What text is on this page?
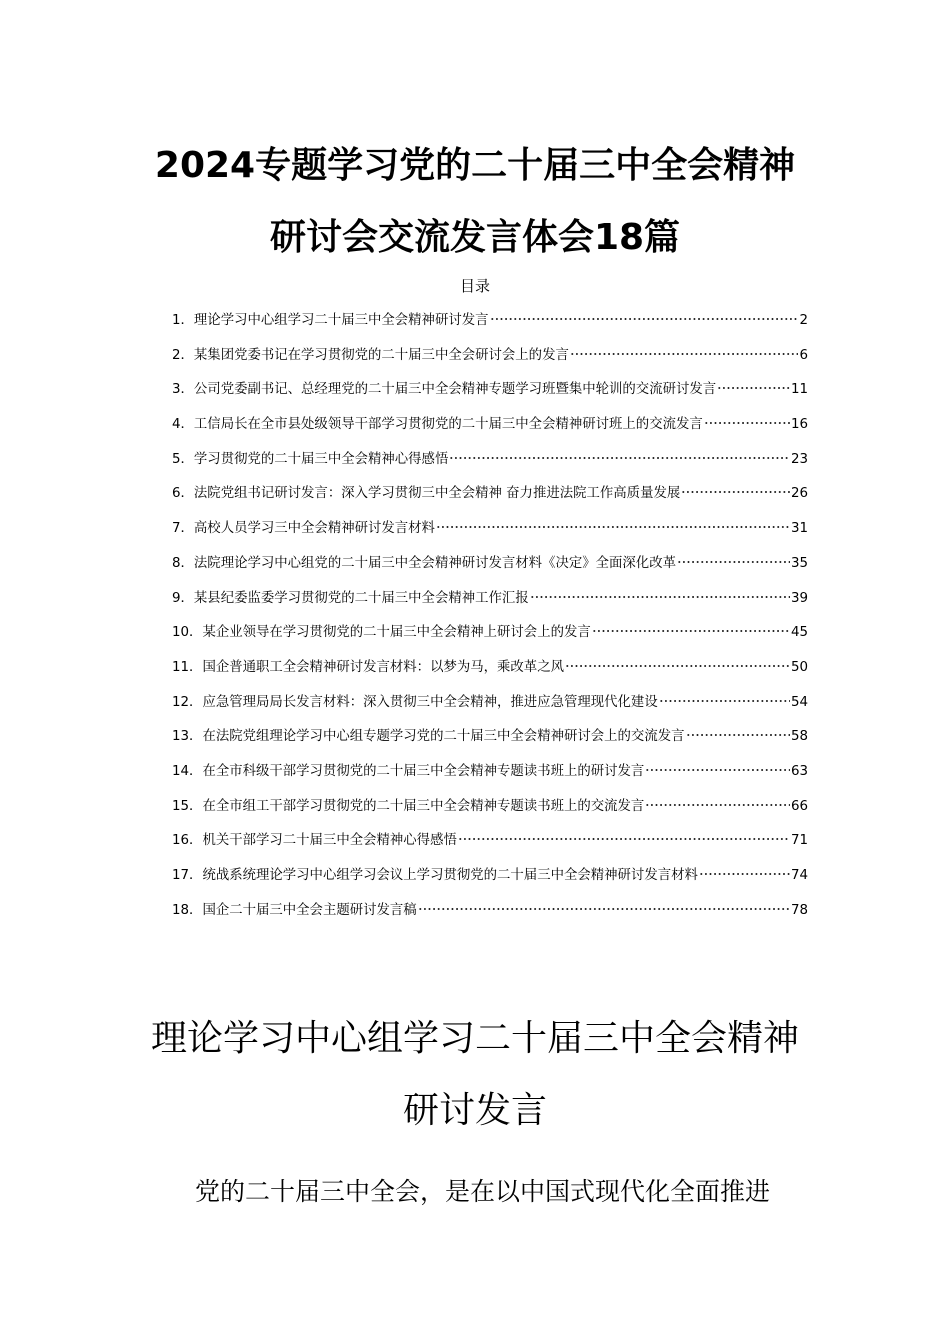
2024专题学习党的二十届三中全会精神
研讨会交流发言体会18篇
目录
1． 理论学习中心组学习二十届三中全会精神研讨发言	2
2． 某集团党委书记在学习贯彻党的二十届三中全会研讨会上的发言	6
3． 公司党委副书记、总经理党的二十届三中全会精神专题学习班暨集中轮训的交流研讨发言	11
4． 工信局长在全市县处级领导干部学习贯彻党的二十届三中全会精神研讨班上的交流发言	16
5． 学习贯彻党的二十届三中全会精神心得感悟	23
6． 法院党组书记研讨发言：深入学习贯彻三中全会精神 奋力推进法院工作高质量发展	26
7． 高校人员学习三中全会精神研讨发言材料	31
8． 法院理论学习中心组党的二十届三中全会精神研讨发言材料《决定》全面深化改革	35
9． 某县纪委监委学习贯彻党的二十届三中全会精神工作汇报	39
10． 某企业领导在学习贯彻党的二十届三中全会精神上研讨会上的发言	45
11． 国企普通职工全会精神研讨发言材料：以梦为马，乘改革之风	50
12． 应急管理局局长发言材料：深入贯彻三中全会精神，推进应急管理现代化建设	54
13． 在法院党组理论学习中心组专题学习党的二十届三中全会精神研讨会上的交流发言	58
14． 在全市科级干部学习贯彻党的二十届三中全会精神专题读书班上的研讨发言	63
15． 在全市组工干部学习贯彻党的二十届三中全会精神专题读书班上的交流发言	66
16． 机关干部学习二十届三中全会精神心得感悟	71
17． 统战系统理论学习中心组学习会议上学习贯彻党的二十届三中全会精神研讨发言材料	74
18． 国企二十届三中全会主题研讨发言稿	78
理论学习中心组学习二十届三中全会精神
研讨发言

党的二十届三中全会，是在以中国式现代化全面推进
